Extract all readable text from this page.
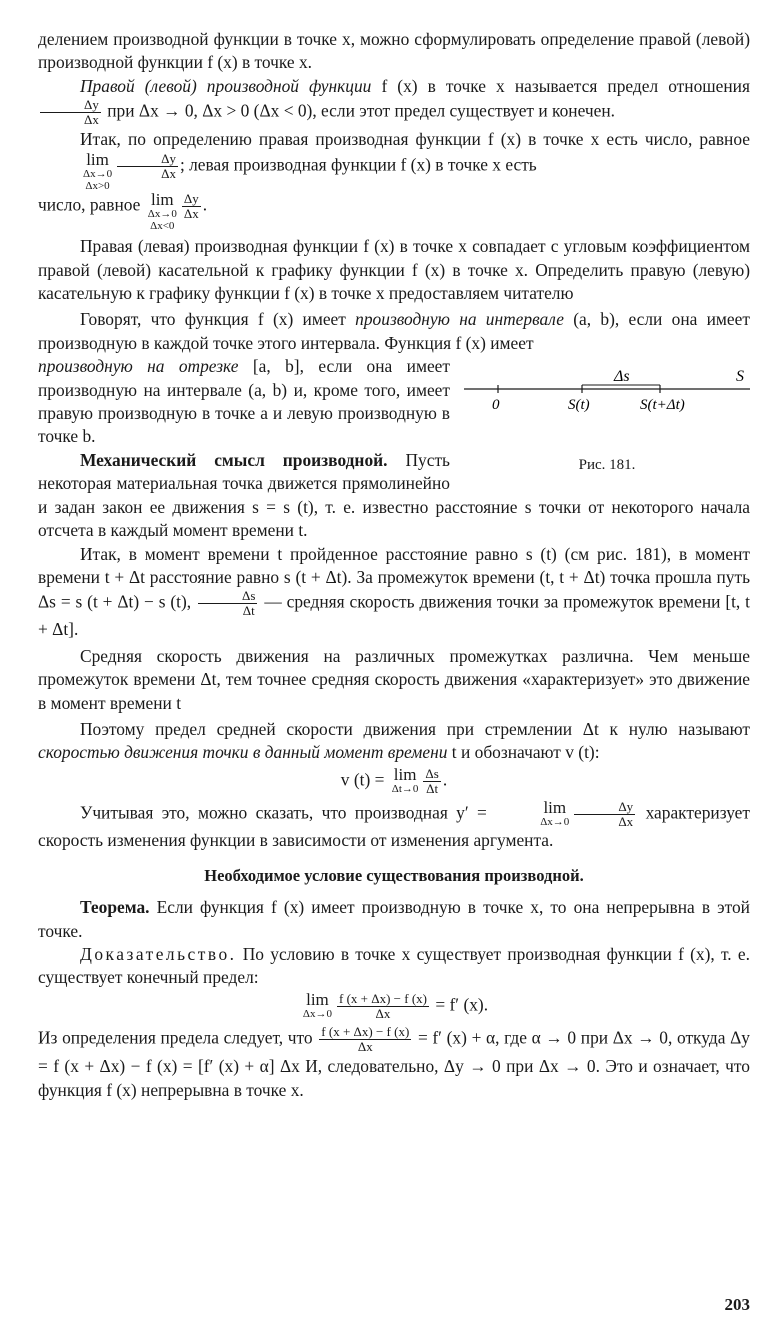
делением производной функции в точке x, можно сформулировать определение правой (левой) производной функции f (x) в точке x.

Правой (левой) производной функции f (x) в точке x называется предел отношения
$\frac{\Delta y}{\Delta x}$ при Δx → 0, Δx > 0 (Δx < 0), если этот предел существует и конечен.

Итак, по определению правая производная функции f (x) в точке x есть число, равное
lim
Δx→0
Δx>0
$\frac{\Delta y}{\Delta x}$ ; левая производная функции f (x) в точке x есть

число, равное lim
Δx→0
Δx<0
$\frac{\Delta y}{\Delta x}$ .

Правая (левая) производная функции f (x) в точке x совпадает с угловым коэффициентом правой (левой) касательной к графику функции f (x) в точке x. Определить правую (левую) касательную к графику функции f (x) в точке x предоставляем читателю

Говорят, что функция f (x) имеет производную на интервале (a, b), если она имеет производную в каждой точке этого интервала. Функция f (x) имеет

Δs	S
0	S(t)	S(t+Δt)
Рис. 181.

производную на отрезке [a, b], если она имеет производную на интервале (a, b) и, кроме того, имеет правую производную в точке a и левую производную в точке b.

Механический смысл производной. Пусть некоторая материальная точка движется прямолинейно и задан закон ее движения s = s (t), т. е. известно расстояние s точки от некоторого начала отсчета в каждый момент времени t.

Итак, в момент времени t пройденное расстояние равно s (t) (см рис. 181), в момент времени t + Δt расстояние равно s (t + Δt). За промежуток времени (t, t + Δt) точка прошла путь Δs = s (t + Δt) − s (t), $\frac{\Delta s}{\Delta t}$ — средняя скорость движения точки за промежуток времени [t, t + Δt].

Средняя скорость движения на различных промежутках различна. Чем меньше промежуток времени Δt, тем точнее средняя скорость движения «характеризует» это движение в момент времени t

Поэтому предел средней скорости движения при стремлении Δt к нулю называют скоростью движения точки в данный момент времени t и обозначают v (t):

v (t) = lim
$\Delta t\to 0 \frac{\Delta s}{\Delta t}$ .

Учитывая это, можно сказать, что производная y′ =	lim
$\Delta x\to 0 \frac{\Delta y}{\Delta x}$ характеризует скорость изменения функции в зависимости от изменения аргумента.

Необходимое условие существования производной.

Теорема. Если функция f (x) имеет производную в точке x, то она непрерывна в этой точке.

Доказательство. По условию в точке x существует производная функции f (x), т. е. существует конечный предел:

lim
$\Delta x\to 0 \frac{f (x + \Delta x) - f (x)}{\Delta x} = f'$ (x).

Из определения предела следует, что $\frac{f (x + \Delta x) - f (x)}{\Delta x} = f'$ (x) + α, где α → 0 при Δx → 0, откуда Δy = f (x + Δx) − f (x) = [f′ (x) + α] Δx И, следовательно, Δy → 0 при Δx → 0. Это и означает, что функция f (x) непрерывна в точке x.

203
